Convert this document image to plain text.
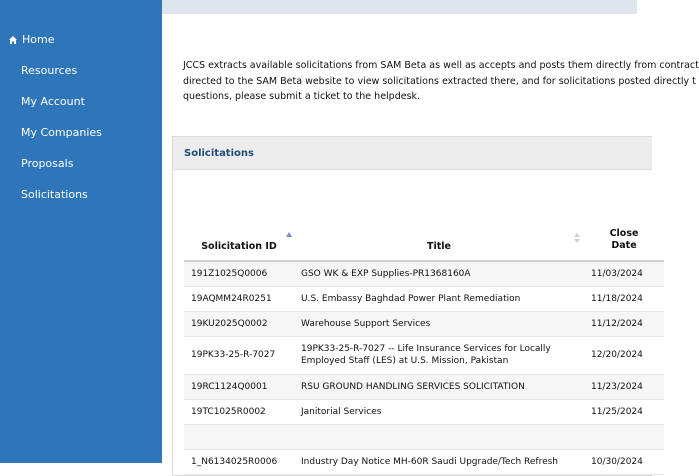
Home
Resources
My Account
My Companies
Proposals
Solicitations

JCCS extracts available solicitations from SAM Beta as well as accepts and posts them directly from contract

directed to the SAM Beta website to view solicitations extracted there, and for solicitations posted directly t

questions, please submit a ticket to the helpdesk.

Solicitations
Solicitation ID	Title	Close
Date
191Z1025Q0006	GSO WK & EXP Supplies-PR1368160A	11/03/2024
19AQMM24R0251	U.S. Embassy Baghdad Power Plant Remediation	11/18/2024
19KU2025Q0002	Warehouse Support Services	11/12/2024
19PK33-25-R-7027	19PK33-25-R-7027 -- Life Insurance Services for Locally Employed Staff (LES) at U.S. Mission, Pakistan	12/20/2024
19RC1124Q0001	RSU GROUND HANDLING SERVICES SOLICITATION	11/23/2024
19TC1025R0002	Janitorial Services	11/25/2024

1_N6134025R0006	Industry Day Notice MH-60R Saudi Upgrade/Tech Refresh	10/30/2024
